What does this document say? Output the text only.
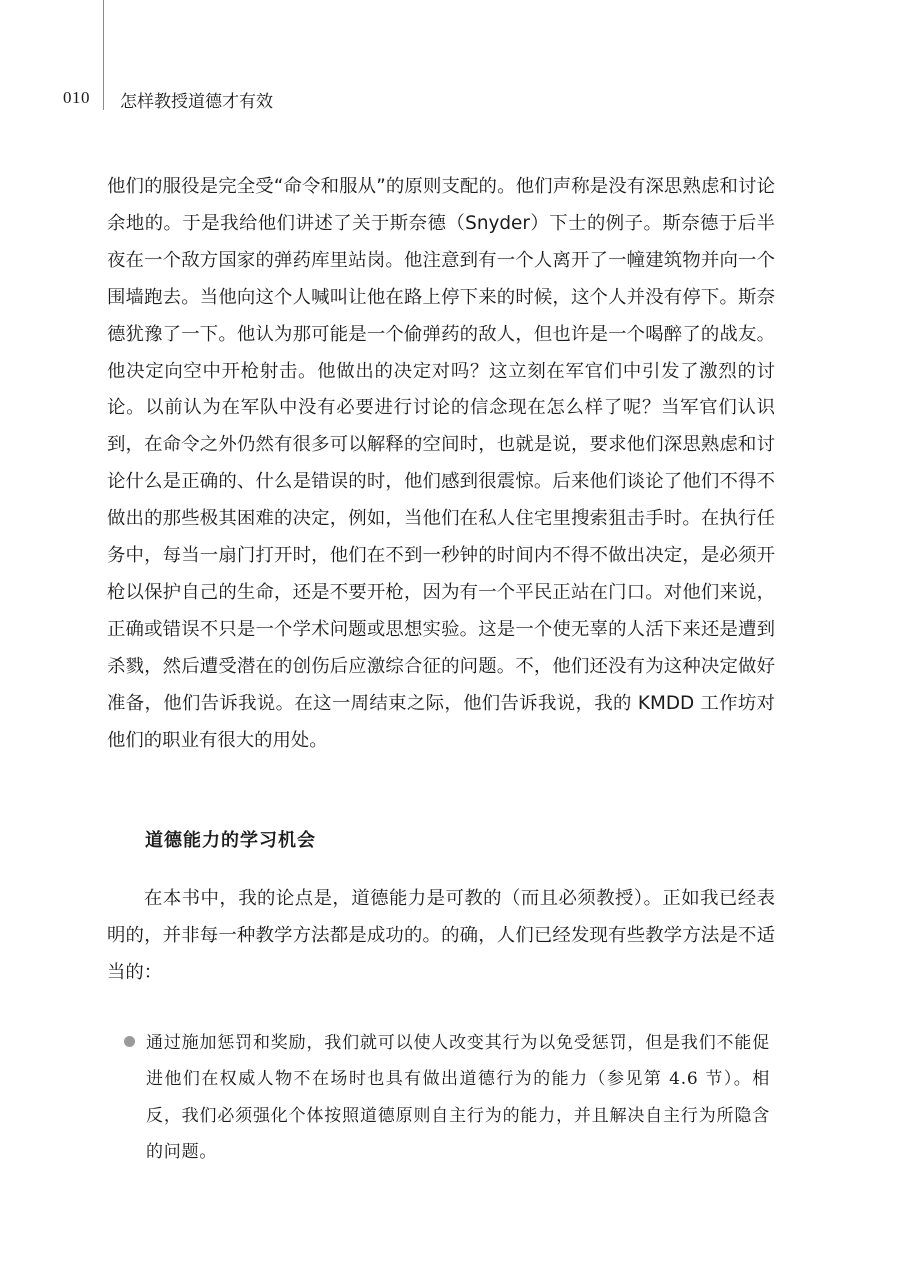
010 怎样教授道德才有效

他们的服役是完全受“命令和服从”的原则支配的。他们声称是没有深思熟虑和讨论余地的。于是我给他们讲述了关于斯奈德（Snyder）下士的例子。斯奈德于后半夜在一个敌方国家的弹药库里站岗。他注意到有一个人离开了一幢建筑物并向一个围墙跑去。当他向这个人喊叫让他在路上停下来的时候，这个人并没有停下。斯奈德犹豫了一下。他认为那可能是一个偷弹药的敌人，但也许是一个喝醉了的战友。他决定向空中开枪射击。他做出的决定对吗？这立刻在军官们中引发了激烈的讨论。以前认为在军队中没有必要进行讨论的信念现在怎么样了呢？当军官们认识到，在命令之外仍然有很多可以解释的空间时，也就是说，要求他们深思熟虑和讨论什么是正确的、什么是错误的时，他们感到很震惊。后来他们谈论了他们不得不做出的那些极其困难的决定，例如，当他们在私人住宅里搜索狙击手时。在执行任务中，每当一扇门打开时，他们在不到一秒钟的时间内不得不做出决定，是必须开枪以保护自己的生命，还是不要开枪，因为有一个平民正站在门口。对他们来说，正确或错误不只是一个学术问题或思想实验。这是一个使无辜的人活下来还是遭到杀戮，然后遭受潜在的创伤后应激综合征的问题。不，他们还没有为这种决定做好准备，他们告诉我说。在这一周结束之际，他们告诉我说，我的 KMDD 工作坊对他们的职业有很大的用处。

道德能力的学习机会

在本书中，我的论点是，道德能力是可教的（而且必须教授）。正如我已经表明的，并非每一种教学方法都是成功的。的确，人们已经发现有些教学方法是不适当的：

通过施加惩罚和奖励，我们就可以使人改变其行为以免受惩罚，但是我们不能促进他们在权威人物不在场时也具有做出道德行为的能力（参见第 4.6 节）。相反，我们必须强化个体按照道德原则自主行为的能力，并且解决自主行为所隐含的问题。
